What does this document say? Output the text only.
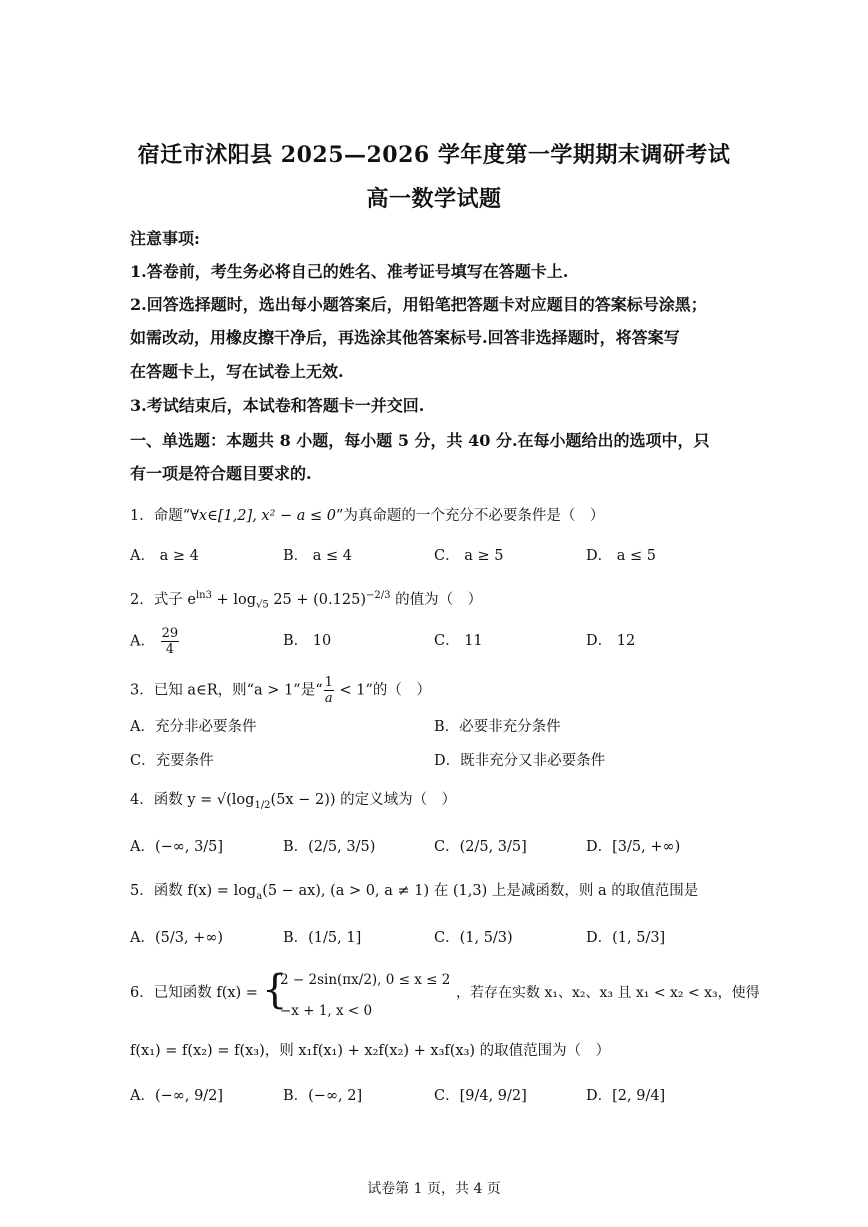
宿迁市沭阳县 2025—2026 学年度第一学期期末调研考试
高一数学试题
注意事项:
1.答卷前，考生务必将自己的姓名、准考证号填写在答题卡上.
2.回答选择题时，选出每小题答案后，用铅笔把答题卡对应题目的答案标号涂黑；
如需改动，用橡皮擦干净后，再选涂其他答案标号.回答非选择题时，将答案写
在答题卡上，写在试卷上无效.
3.考试结束后，本试卷和答题卡一并交回.
一、单选题：本题共 8 小题，每小题 5 分，共 40 分.在每小题给出的选项中，只
有一项是符合题目要求的.
1．命题“∀x∈[1,2], x² − a ≤ 0”为真命题的一个充分不必要条件是（　）
A． a ≥ 4	B． a ≤ 4	C． a ≥ 5	D． a ≤ 5
2．式子 $e^{ln3} + \log_{√5} 25 + (0.125)^{-2/3}$ 的值为（　）
A． $\frac{29}{4}$	B． 10	C． 11	D． 12
3．已知 a∈R，则“a > 1”是“ $\frac{1}{a} < 1$”的（　）
A．充分非必要条件	B．必要非充分条件
C．充要条件	D．既非充分又非必要条件
4．函数 $y = √(\log_{1/2}(5x - 2))$ 的定义域为（　）
A．(−∞, 3/5]	B．(2/5, 3/5)	C．(2/5, 3/5]	D．[3/5, +∞)
5．函数 $f(x) = \log_a(5 - ax)$, (a > 0, a ≠ 1) 在 (1,3) 上是减函数，则 a 的取值范围是
A．(5/3, +∞)	B．(1/5, 1]	C．(1, 5/3)	D．(1, 5/3]
6．已知函数 f(x) = {
2 − 2sin(πx/2), 0 ≤ x ≤ 2
−x + 1, x < 0
，若存在实数 x₁、x₂、x₃ 且 x₁ < x₂ < x₃，使得
f(x₁) = f(x₂) = f(x₃)，则 x₁f(x₁) + x₂f(x₂) + x₃f(x₃) 的取值范围为（　）
A．(−∞, 9/2]	B．(−∞, 2]	C．[9/4, 9/2]	D．[2, 9/4]
试卷第 1 页，共 4 页
